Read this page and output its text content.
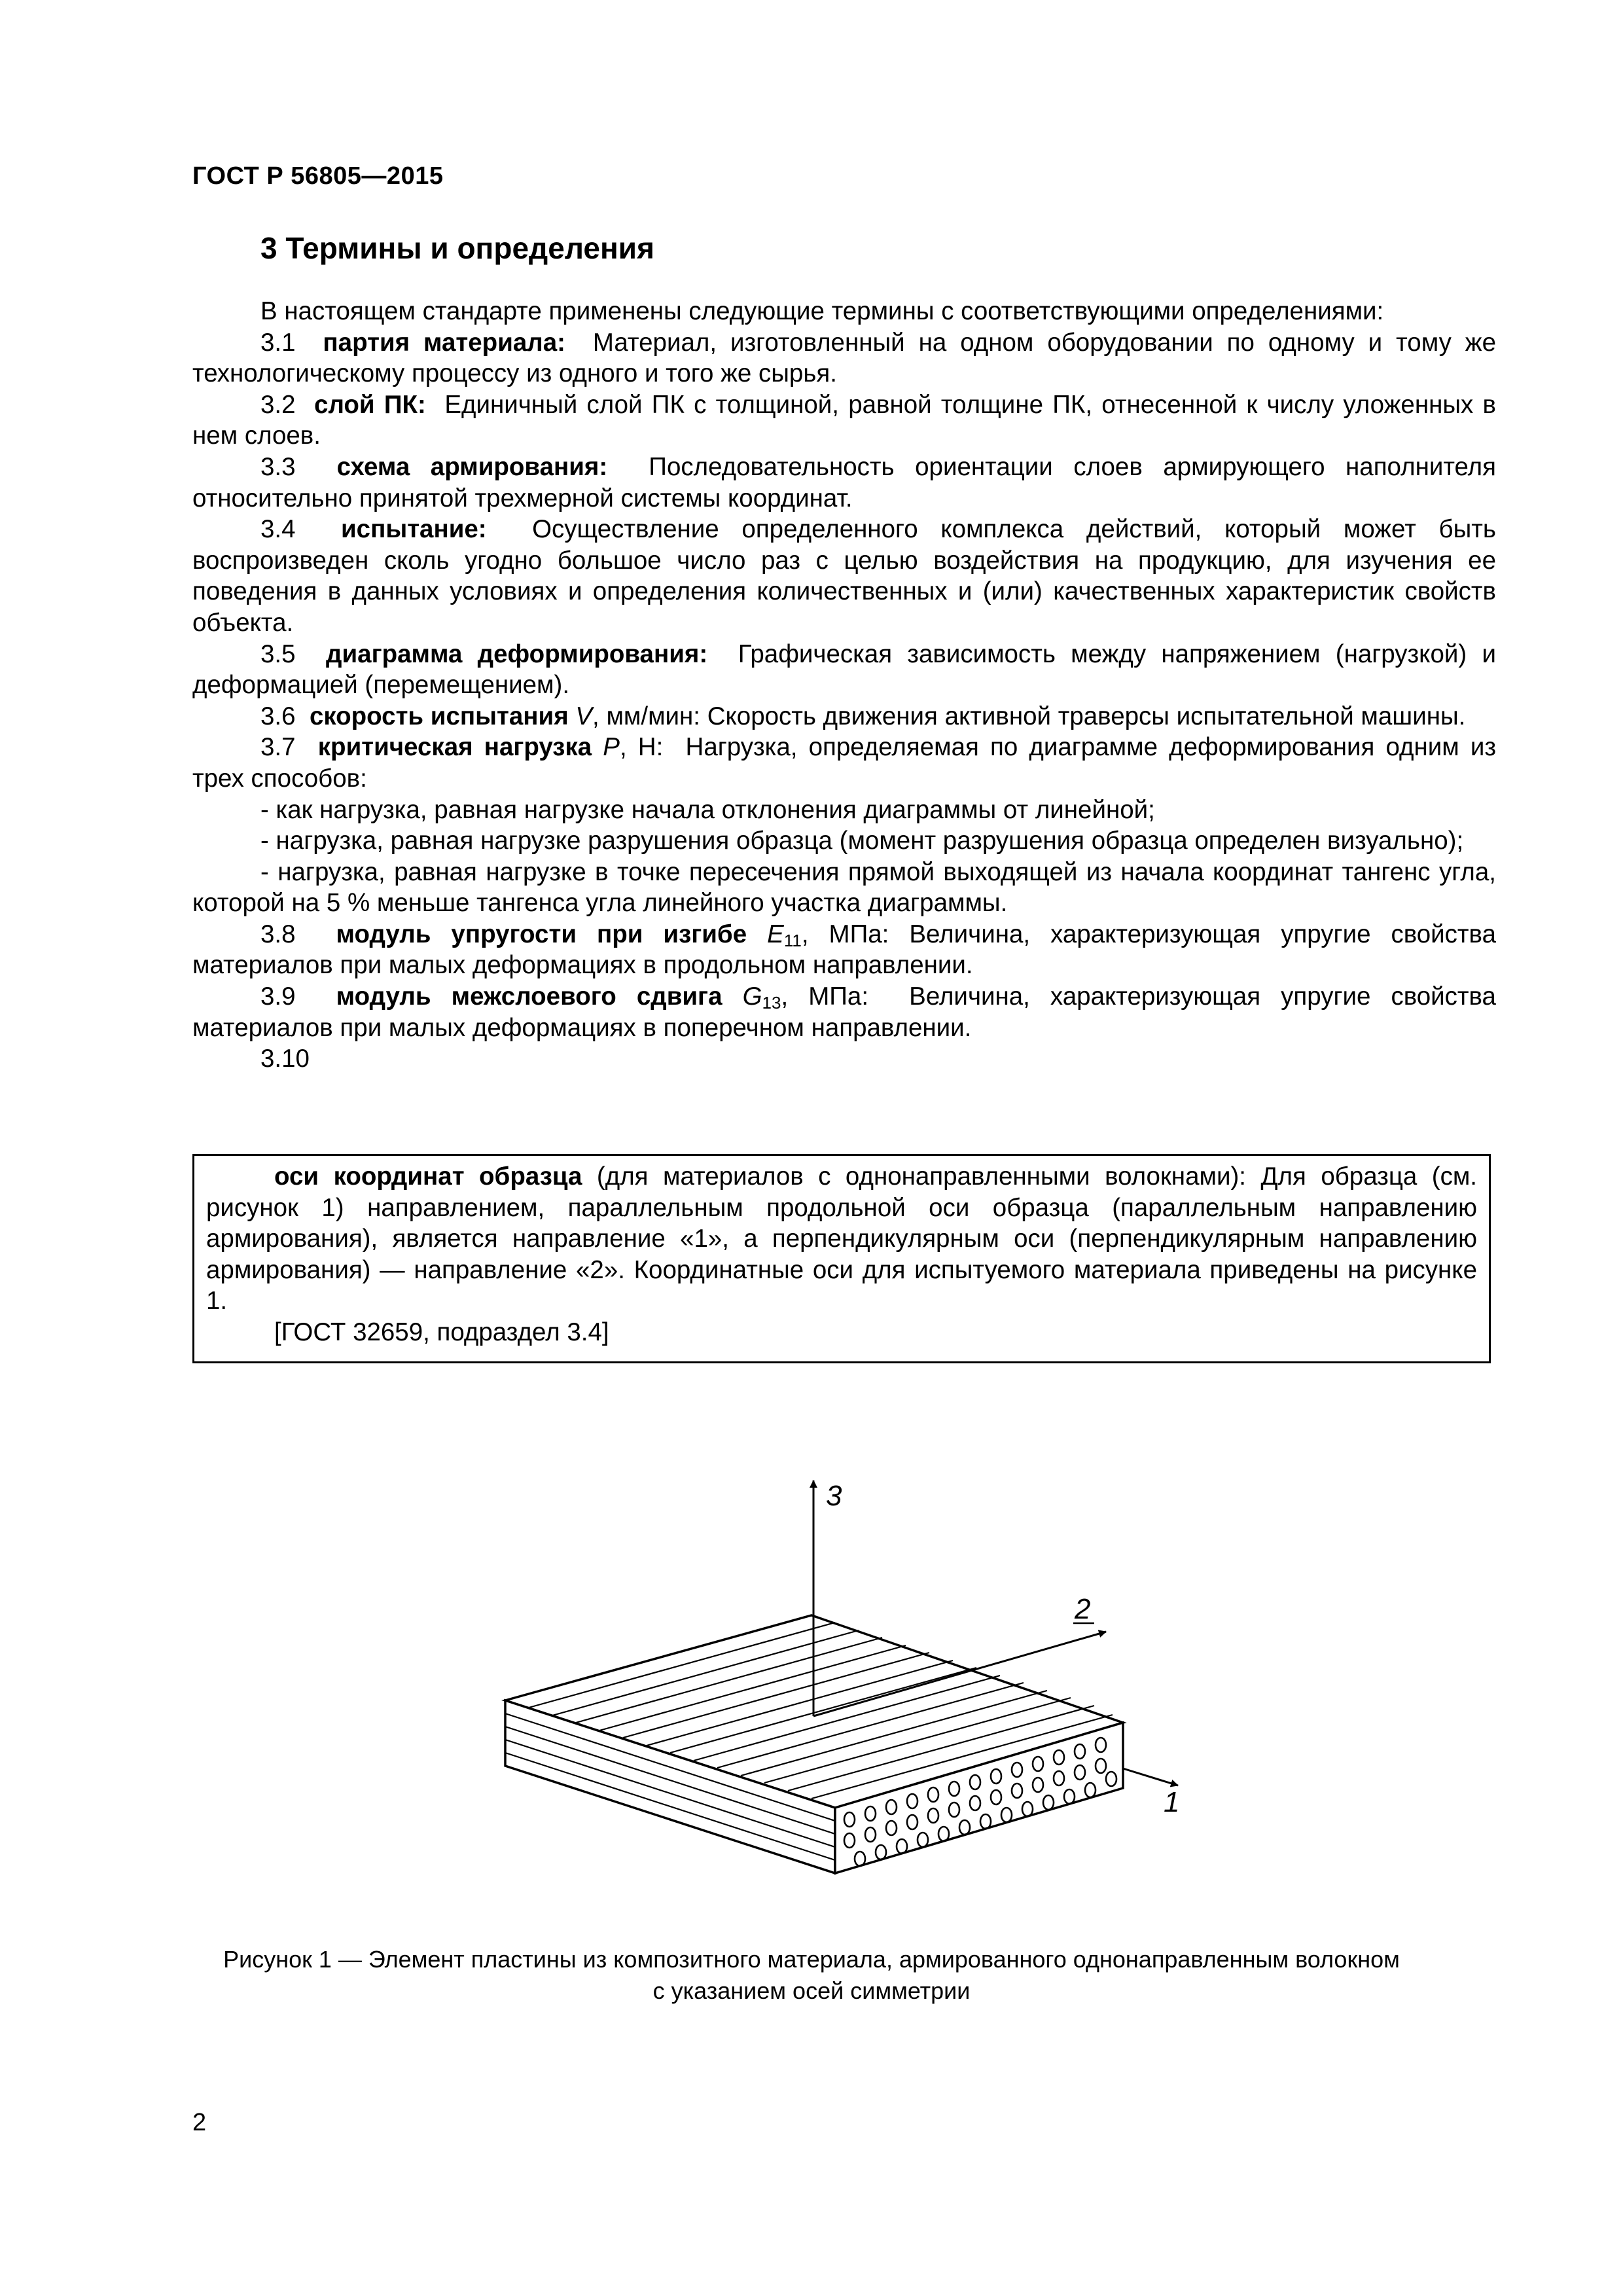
ГОСТ Р 56805—2015
3 Термины и определения

В настоящем стандарте применены следующие термины с соответствующими определениями:

3.1 партия материала: Материал, изготовленный на одном оборудовании по одному и тому же технологическому процессу из одного и того же сырья.

3.2 слой ПК: Единичный слой ПК с толщиной, равной толщине ПК, отнесенной к числу уложенных в нем слоев.

3.3 схема армирования: Последовательность ориентации слоев армирующего наполнителя относительно принятой трехмерной системы координат.

3.4 испытание: Осуществление определенного комплекса действий, который может быть воспроизведен сколь угодно большое число раз с целью воздействия на продукцию, для изучения ее поведения в данных условиях и определения количественных и (или) качественных характеристик свойств объекта.

3.5 диаграмма деформирования: Графическая зависимость между напряжением (нагрузкой) и деформацией (перемещением).

3.6 скорость испытания V, мм/мин: Скорость движения активной траверсы испытательной машины.

3.7 критическая нагрузка P, Н: Нагрузка, определяемая по диаграмме деформирования одним из трех способов:

- как нагрузка, равная нагрузке начала отклонения диаграммы от линейной;

- нагрузка, равная нагрузке разрушения образца (момент разрушения образца определен визуально);

- нагрузка, равная нагрузке в точке пересечения прямой выходящей из начала координат тангенс угла, которой на 5 % меньше тангенса угла линейного участка диаграммы.

3.8 модуль упругости при изгибе $E_{11}$, МПа: Величина, характеризующая упругие свойства материалов при малых деформациях в продольном направлении.

3.9 модуль межслоевого сдвига $G_{13}$, МПа: Величина, характеризующая упругие свойства материалов при малых деформациях в поперечном направлении.

3.10

оси координат образца (для материалов с однонаправленными волокнами): Для образца (см. рисунок 1) направлением, параллельным продольной оси образца (параллельным направлению армирования), является направление «1», а перпендикулярным оси (перпендикулярным направлению армирования) — направление «2». Координатные оси для испытуемого материала приведены на рисунке 1.

[ГОСТ 32659, подраздел 3.4]

3
2
1
Рисунок 1 — Элемент пластины из композитного материала, армированного однонаправленным волокном
с указанием осей симметрии
2
